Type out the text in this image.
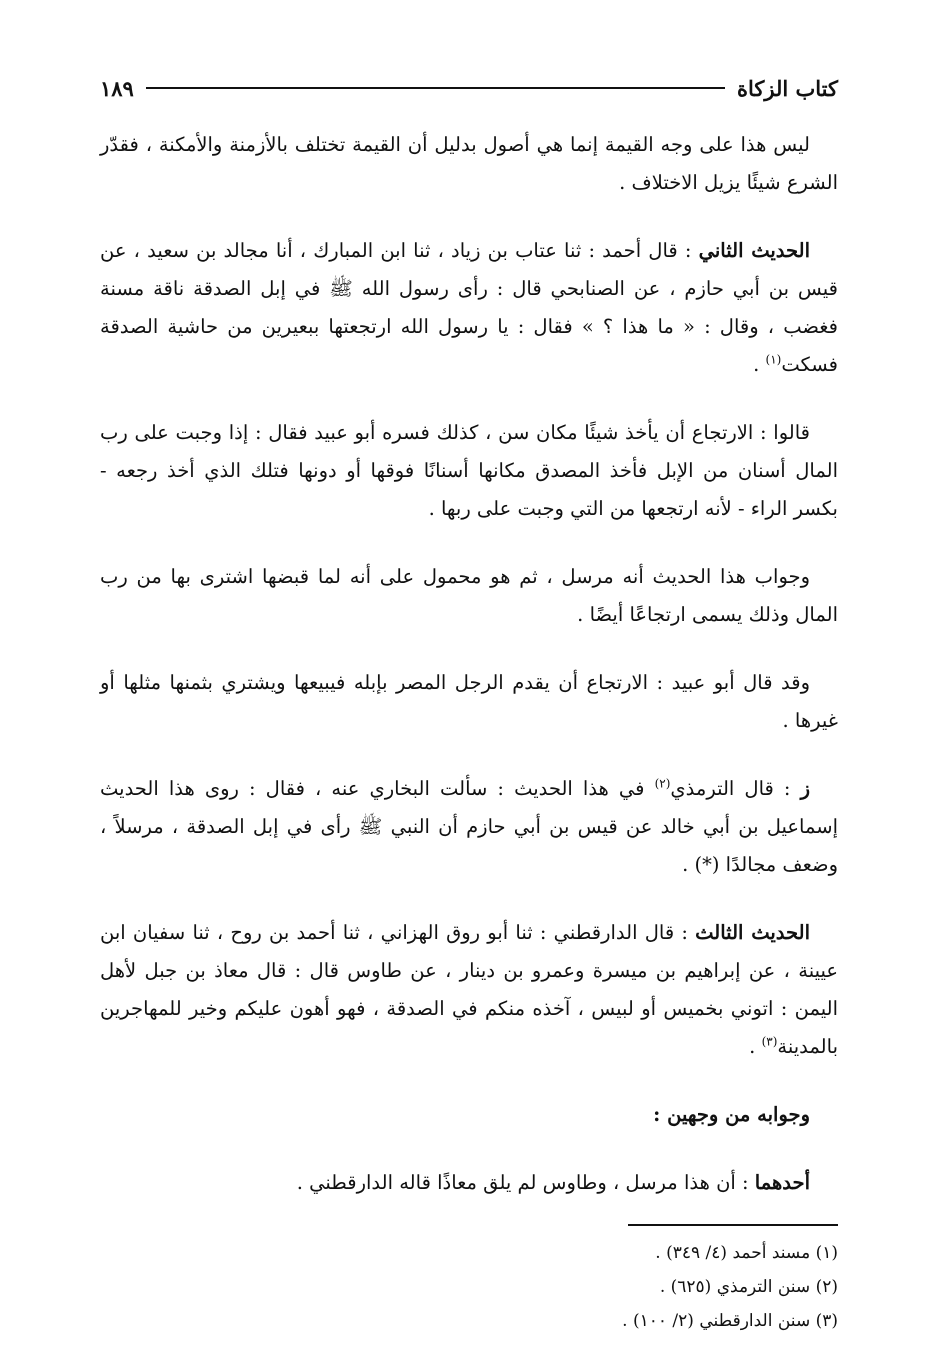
كتاب الزكاة
١٨٩

ليس هذا على وجه القيمة إنما هي أصول بدليل أن القيمة تختلف بالأزمنة والأمكنة ، فقدّر الشرع شيئًا يزيل الاختلاف .

الحديث الثاني : قال أحمد : ثنا عتاب بن زياد ، ثنا ابن المبارك ، أنا مجالد بن سعيد ، عن قيس بن أبي حازم ، عن الصنابحي قال : رأى رسول الله ﷺ في إبل الصدقة ناقة مسنة فغضب ، وقال : « ما هذا ؟ » فقال : يا رسول الله ارتجعتها ببعيرين من حاشية الصدقة فسكت$^{(١)}$ .

قالوا : الارتجاع أن يأخذ شيئًا مكان سن ، كذلك فسره أبو عبيد فقال : إذا وجبت على رب المال أسنان من الإبل فأخذ المصدق مكانها أسنانًا فوقها أو دونها فتلك الذي أخذ رجعه - بكسر الراء - لأنه ارتجعها من التي وجبت على ربها .

وجواب هذا الحديث أنه مرسل ، ثم هو محمول على أنه لما قبضها اشترى بها من رب المال وذلك يسمى ارتجاعًا أيضًا .

وقد قال أبو عبيد : الارتجاع أن يقدم الرجل المصر بإبله فيبيعها ويشتري بثمنها مثلها أو غيرها .

ز : قال الترمذي$^{(٢)}$ في هذا الحديث : سألت البخاري عنه ، فقال : روى هذا الحديث إسماعيل بن أبي خالد عن قيس بن أبي حازم أن النبي ﷺ رأى في إبل الصدقة ، مرسلاً ، وضعف مجالدًا (*) .

الحديث الثالث : قال الدارقطني : ثنا أبو روق الهزاني ، ثنا أحمد بن روح ، ثنا سفيان ابن عيينة ، عن إبراهيم بن ميسرة وعمرو بن دينار ، عن طاوس قال : قال معاذ بن جبل لأهل اليمن : اتوني بخميس أو لبيس ، آخذه منكم في الصدقة ، فهو أهون عليكم وخير للمهاجرين بالمدينة$^{(٣)}$ .

وجوابه من وجهين :

أحدهما : أن هذا مرسل ، وطاوس لم يلق معاذًا قاله الدارقطني .

(١) مسند أحمد (٤/ ٣٤٩) .
(٢) سنن الترمذي (٦٢٥) .
(٣) سنن الدارقطني (٢/ ١٠٠) .
